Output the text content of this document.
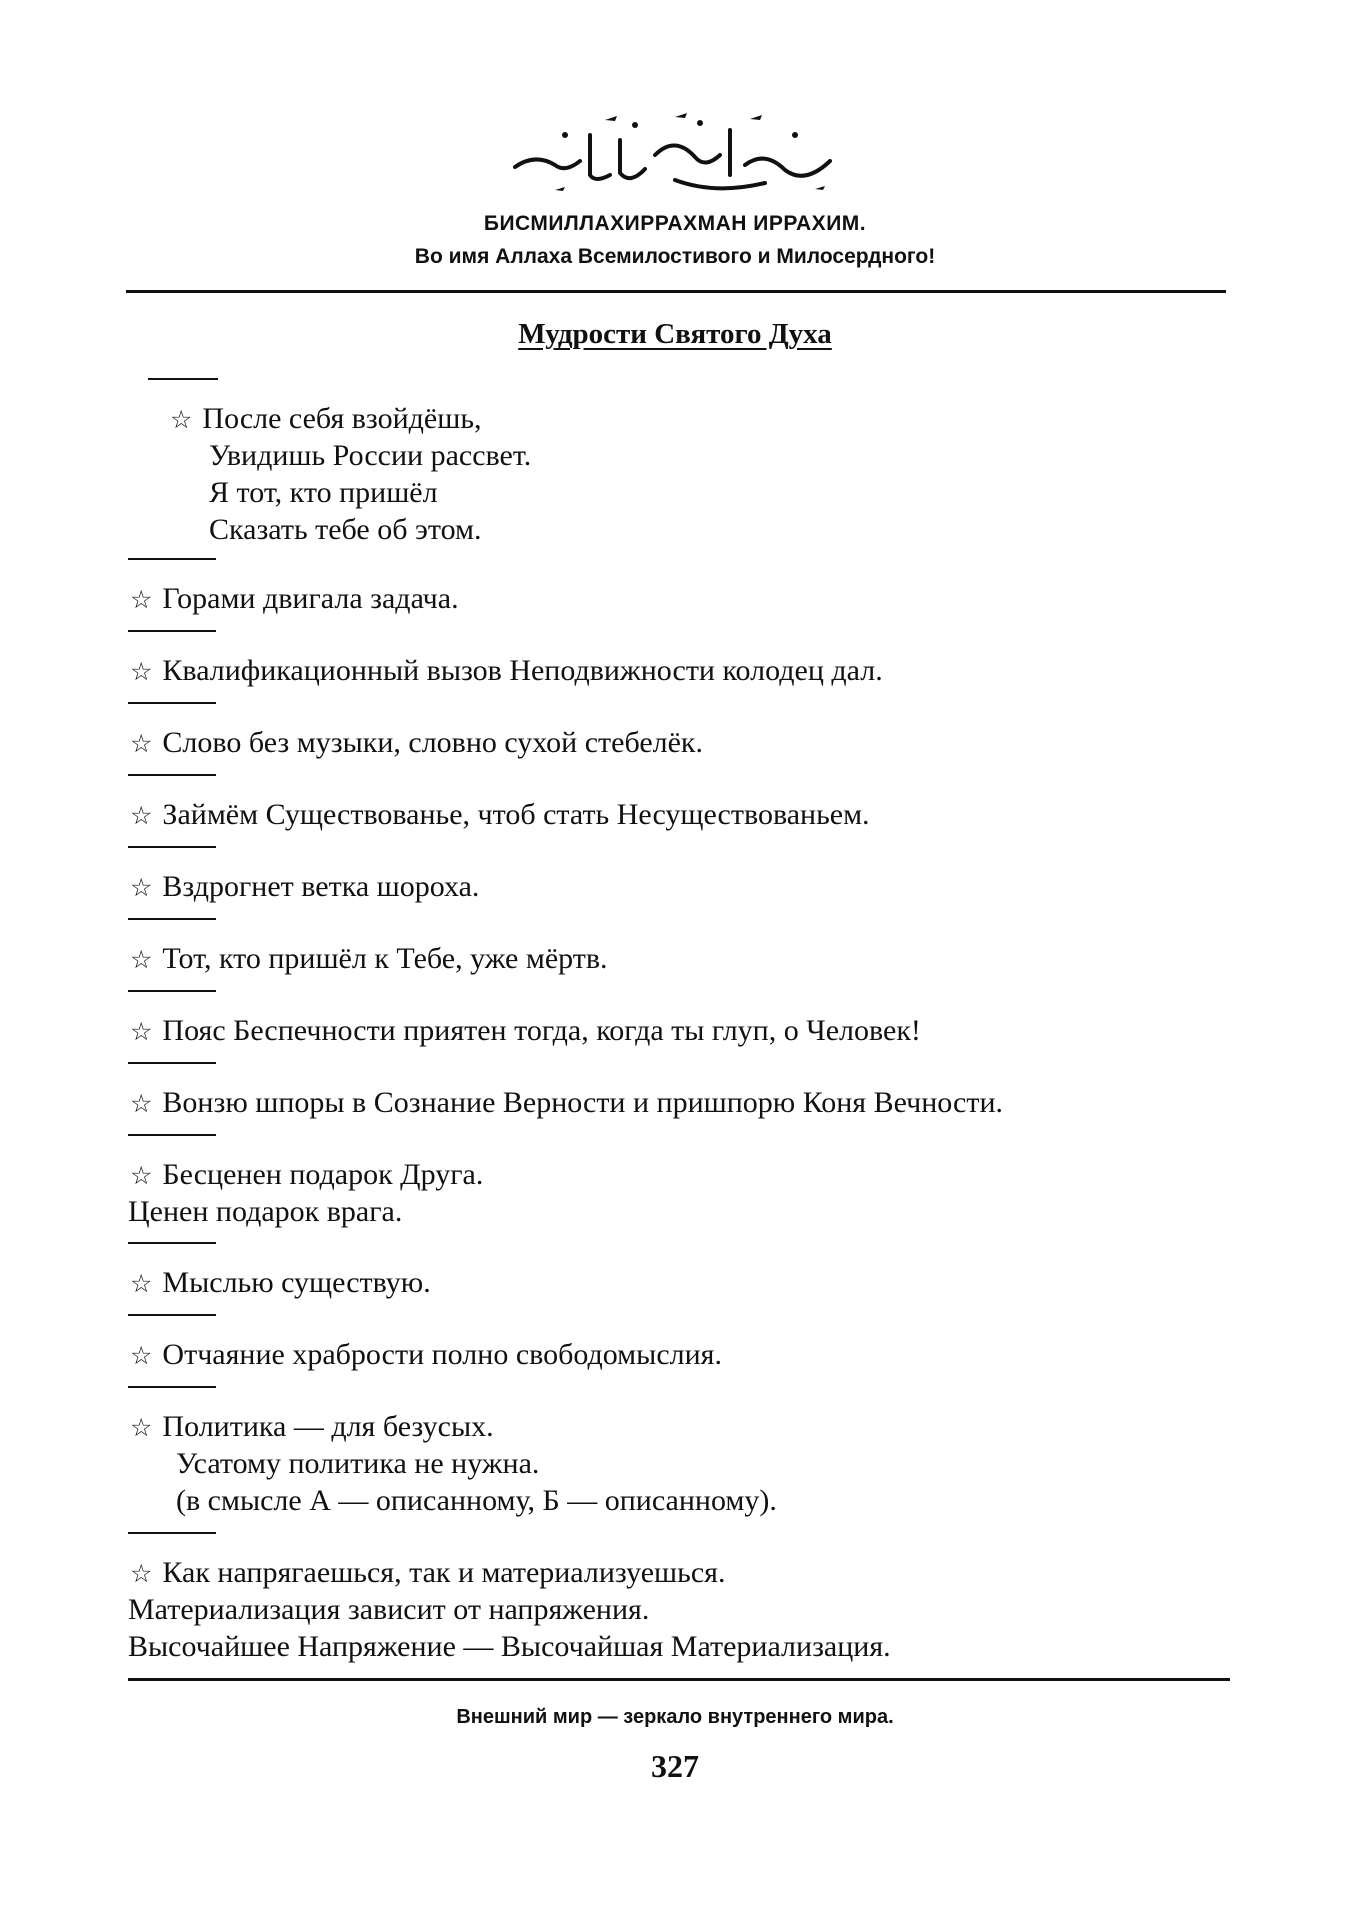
БИСМИЛЛАХИРРАХМАН ИРРАХИМ.
Во имя Аллаха Всемилостивого и Милосердного!
Мудрости Святого Духа
☆ После себя взойдёшь,
Увидишь России рассвет.
Я тот, кто пришёл
Сказать тебе об этом.
☆ Горами двигала задача.
☆ Квалификационный вызов Неподвижности колодец дал.
☆ Слово без музыки, словно сухой стебелёк.
☆ Займём Существованье, чтоб стать Несуществованьем.
☆ Вздрогнет ветка шороха.
☆ Тот, кто пришёл к Тебе, уже мёртв.
☆ Пояс Беспечности приятен тогда, когда ты глуп, о Человек!
☆ Вонзю шпоры в Сознание Верности и пришпорю Коня Вечности.
☆ Бесценен подарок Друга.
Ценен подарок врага.
☆ Мыслью существую.
☆ Отчаяние храбрости полно свободомыслия.
☆ Политика — для безусых.
Усатому политика не нужна.
(в смысле А — описанному, Б — описанному).
☆ Как напрягаешься, так и материализуешься.
Материализация зависит от напряжения.
Высочайшее Напряжение — Высочайшая Материализация.
Внешний мир — зеркало внутреннего мира.
327
